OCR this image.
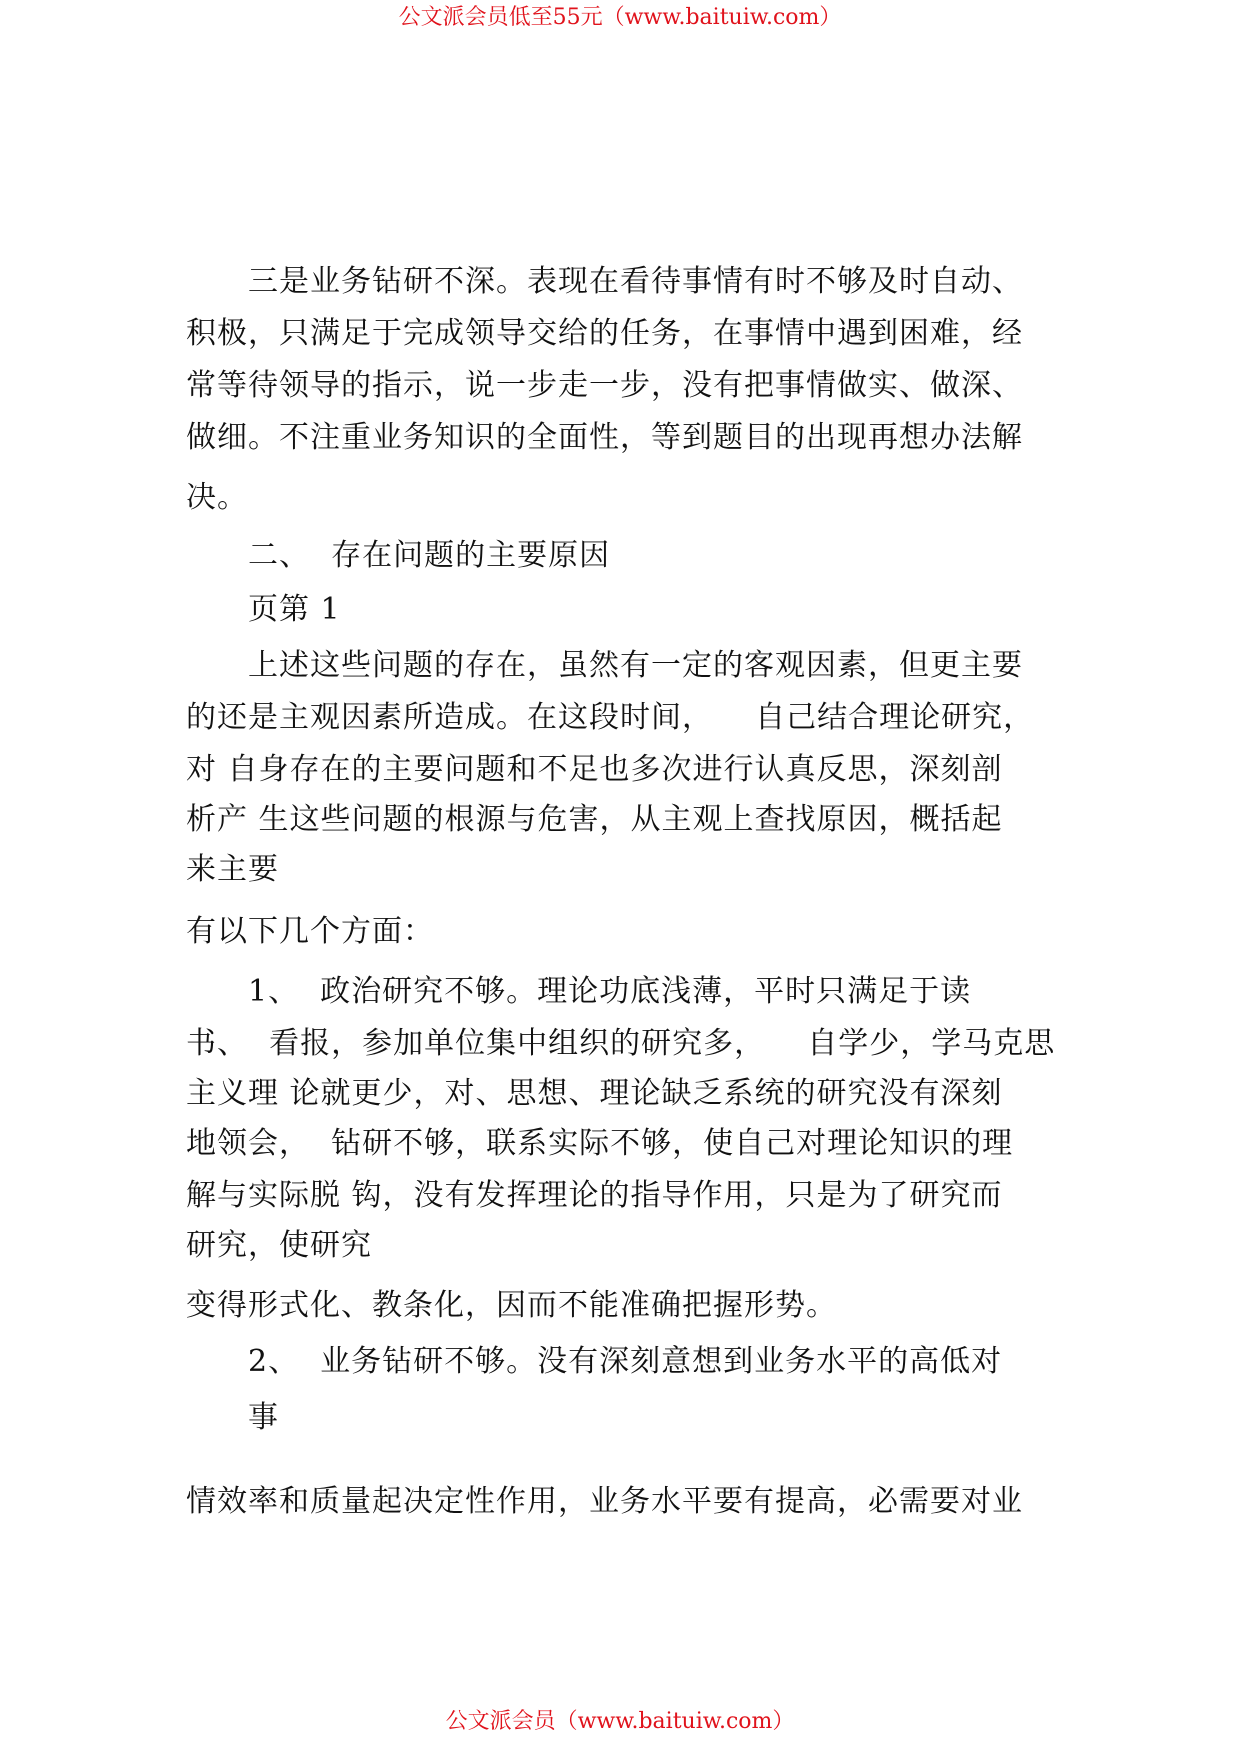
公文派会员低至55元（www.baituiw.com）
三是业务钻研不深。表现在看待事情有时不够及时自动、
积极，只满足于完成领导交给的任务，在事情中遇到困难，经
常等待领导的指示，说一步走一步，没有把事情做实、做深、
做细。不注重业务知识的全面性，等到题目的出现再想办法解
决。
二、  存在问题的主要原因
页第 1
上述这些问题的存在，虽然有一定的客观因素，但更主要
的还是主观因素所造成。在这段时间，    自己结合理论研究，
对 自身存在的主要问题和不足也多次进行认真反思，深刻剖
析产 生这些问题的根源与危害，从主观上查找原因，概括起
来主要
有以下几个方面：
1、  政治研究不够。理论功底浅薄，平时只满足于读
书、  看报，参加单位集中组织的研究多，    自学少，学马克思
主义理 论就更少，对、思想、理论缺乏系统的研究没有深刻
地领会，  钻研不够，联系实际不够，使自己对理论知识的理
解与实际脱 钩，没有发挥理论的指导作用，只是为了研究而
研究，使研究
变得形式化、教条化，因而不能准确把握形势。
2、  业务钻研不够。没有深刻意想到业务水平的高低对
事
情效率和质量起决定性作用，业务水平要有提高，必需要对业
公文派会员（www.baituiw.com）
